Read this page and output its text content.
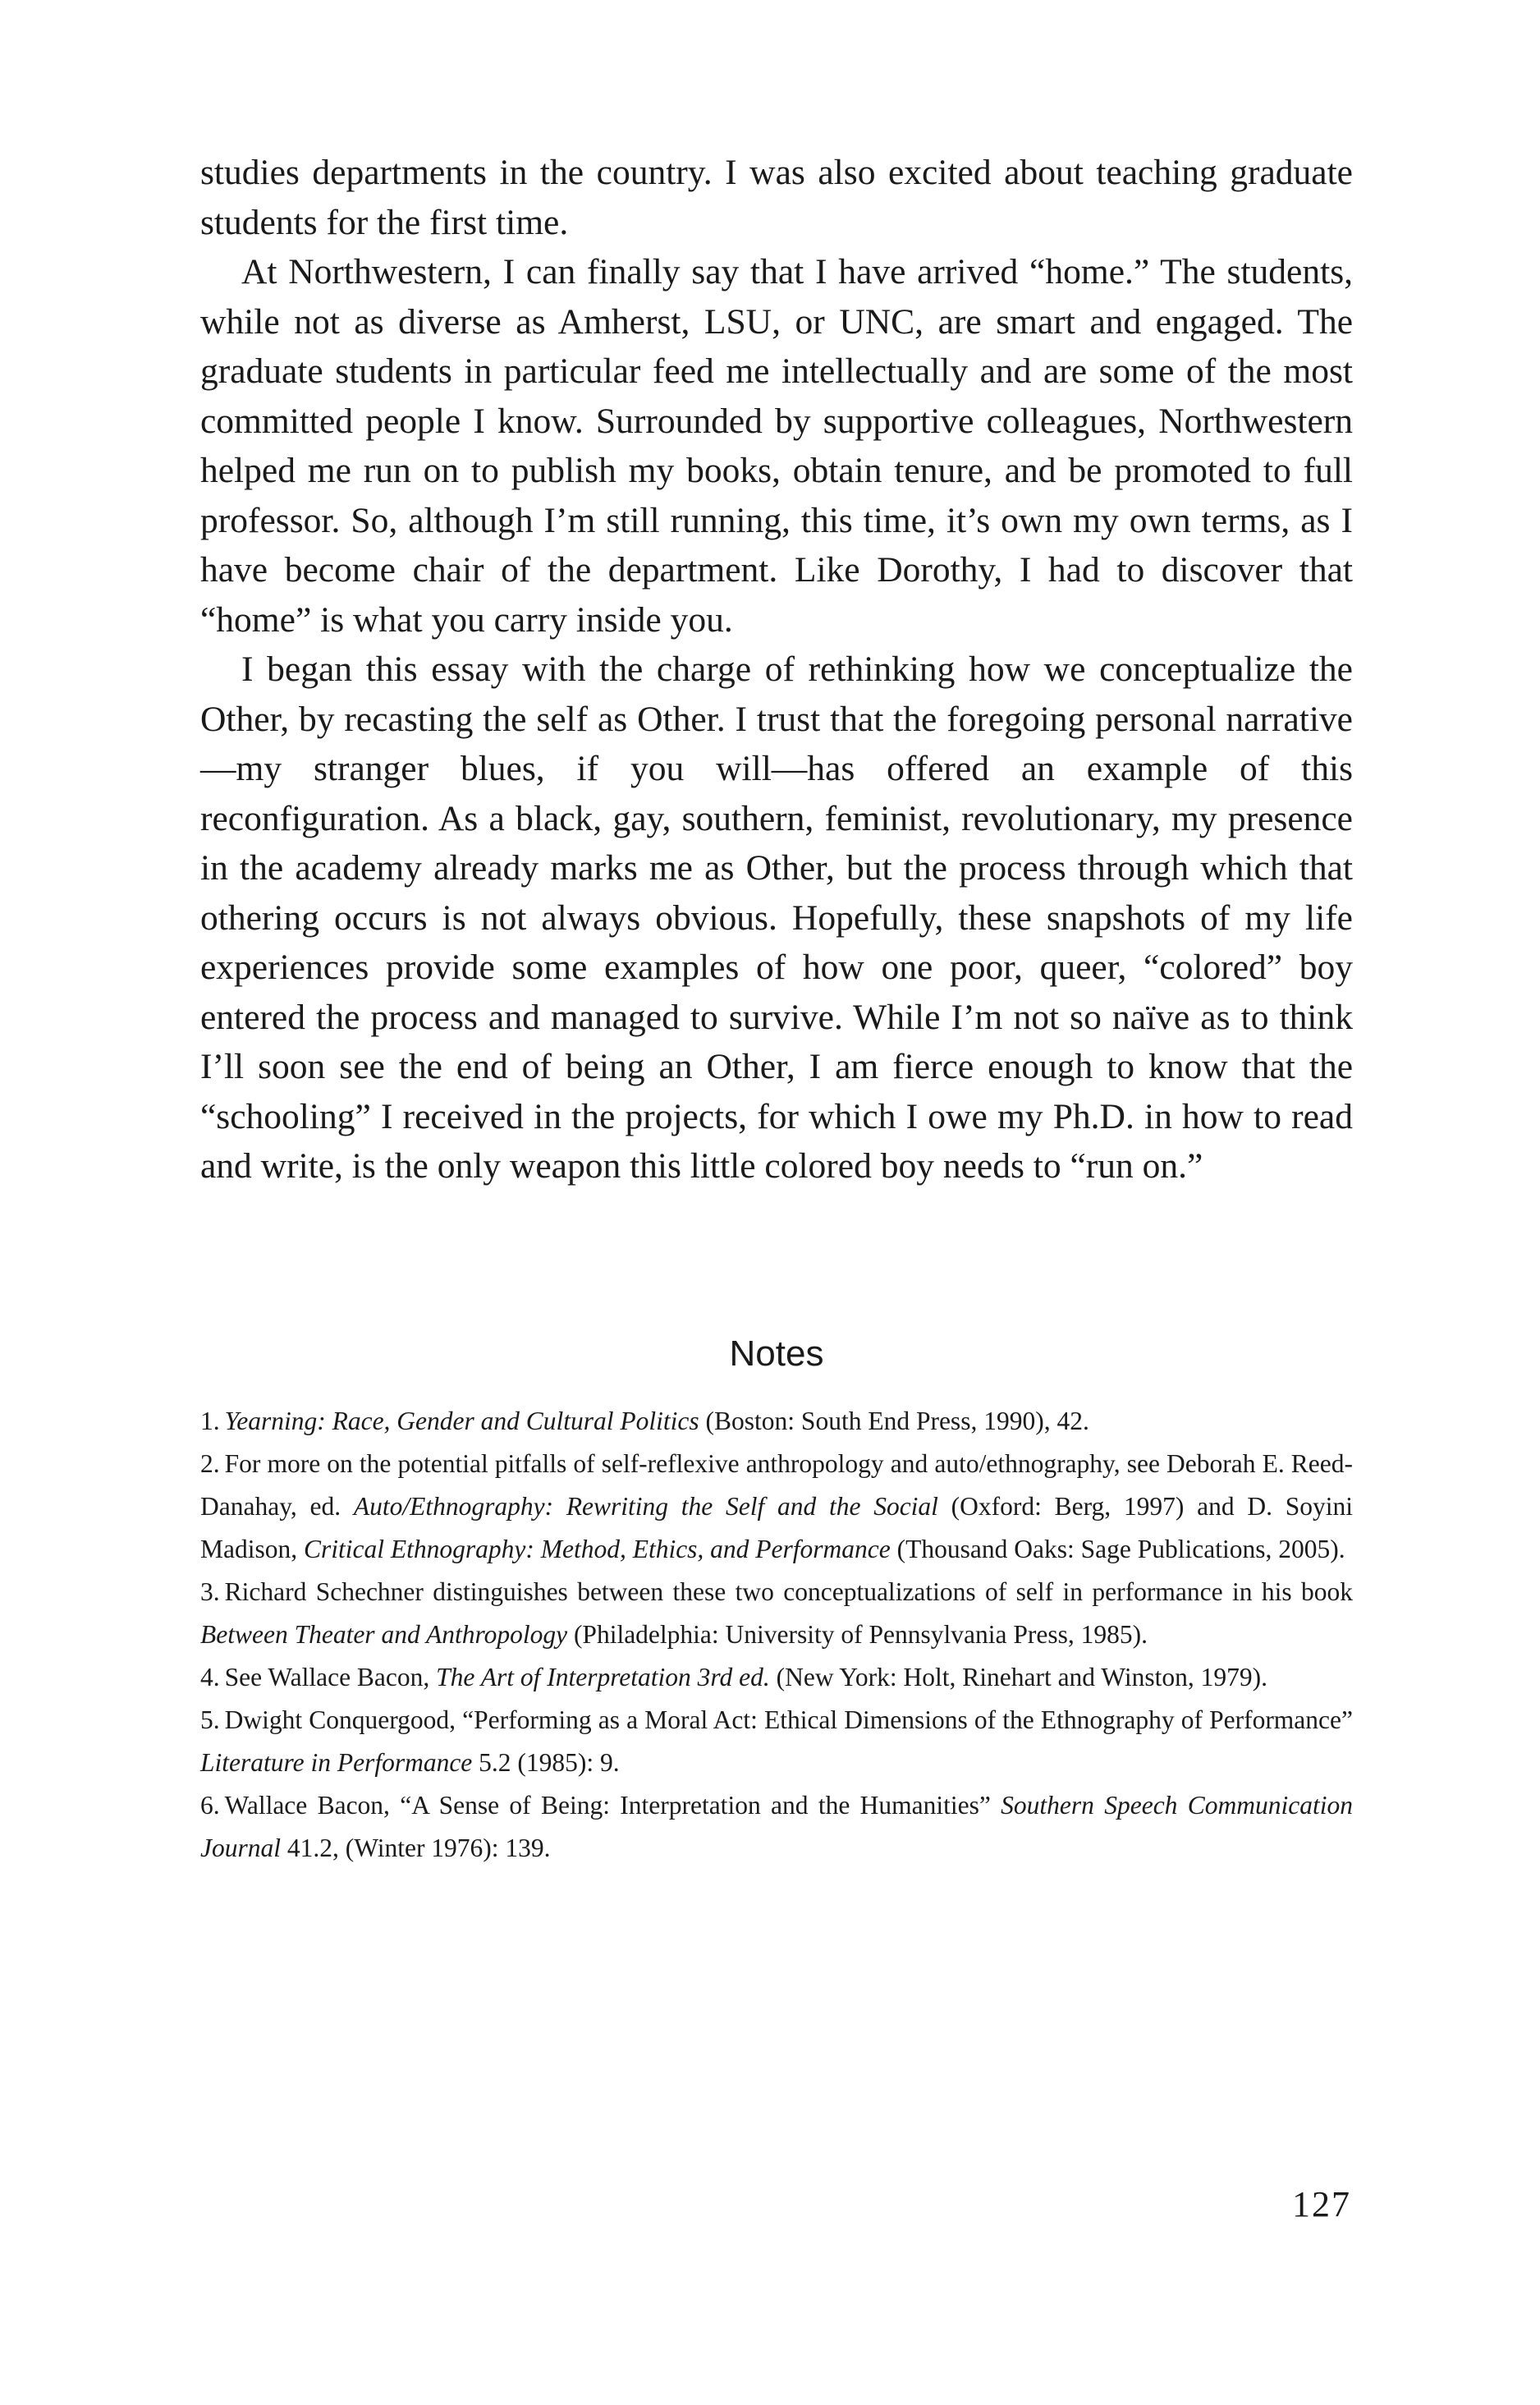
studies departments in the country. I was also excited about teaching graduate students for the first time.

At Northwestern, I can finally say that I have arrived “home.” The students, while not as diverse as Amherst, LSU, or UNC, are smart and engaged. The graduate students in particular feed me intellectually and are some of the most committed people I know. Surrounded by supportive colleagues, Northwestern helped me run on to publish my books, obtain tenure, and be promoted to full professor. So, although I’m still running, this time, it’s own my own terms, as I have become chair of the department. Like Dorothy, I had to discover that “home” is what you carry inside you.

I began this essay with the charge of rethinking how we conceptualize the Other, by recasting the self as Other. I trust that the foregoing personal narrative—my stranger blues, if you will—has offered an example of this reconfiguration. As a black, gay, southern, feminist, revolutionary, my presence in the academy already marks me as Other, but the process through which that othering occurs is not always obvious. Hopefully, these snapshots of my life experiences provide some examples of how one poor, queer, “colored” boy entered the process and managed to survive. While I’m not so naïve as to think I’ll soon see the end of being an Other, I am fierce enough to know that the “schooling” I received in the projects, for which I owe my Ph.D. in how to read and write, is the only weapon this little colored boy needs to “run on.”

Notes

1. Yearning: Race, Gender and Cultural Politics (Boston: South End Press, 1990), 42.

2. For more on the potential pitfalls of self-reflexive anthropology and auto/ethnography, see Deborah E. Reed-Danahay, ed. Auto/Ethnography: Rewriting the Self and the Social (Oxford: Berg, 1997) and D. Soyini Madison, Critical Ethnography: Method, Ethics, and Performance (Thousand Oaks: Sage Publications, 2005).

3. Richard Schechner distinguishes between these two conceptualizations of self in performance in his book Between Theater and Anthropology (Philadelphia: University of Pennsylvania Press, 1985).

4. See Wallace Bacon, The Art of Interpretation 3rd ed. (New York: Holt, Rinehart and Winston, 1979).

5. Dwight Conquergood, “Performing as a Moral Act: Ethical Dimensions of the Ethnography of Performance” Literature in Performance 5.2 (1985): 9.

6. Wallace Bacon, “A Sense of Being: Interpretation and the Humanities” Southern Speech Communication Journal 41.2, (Winter 1976): 139.

127
